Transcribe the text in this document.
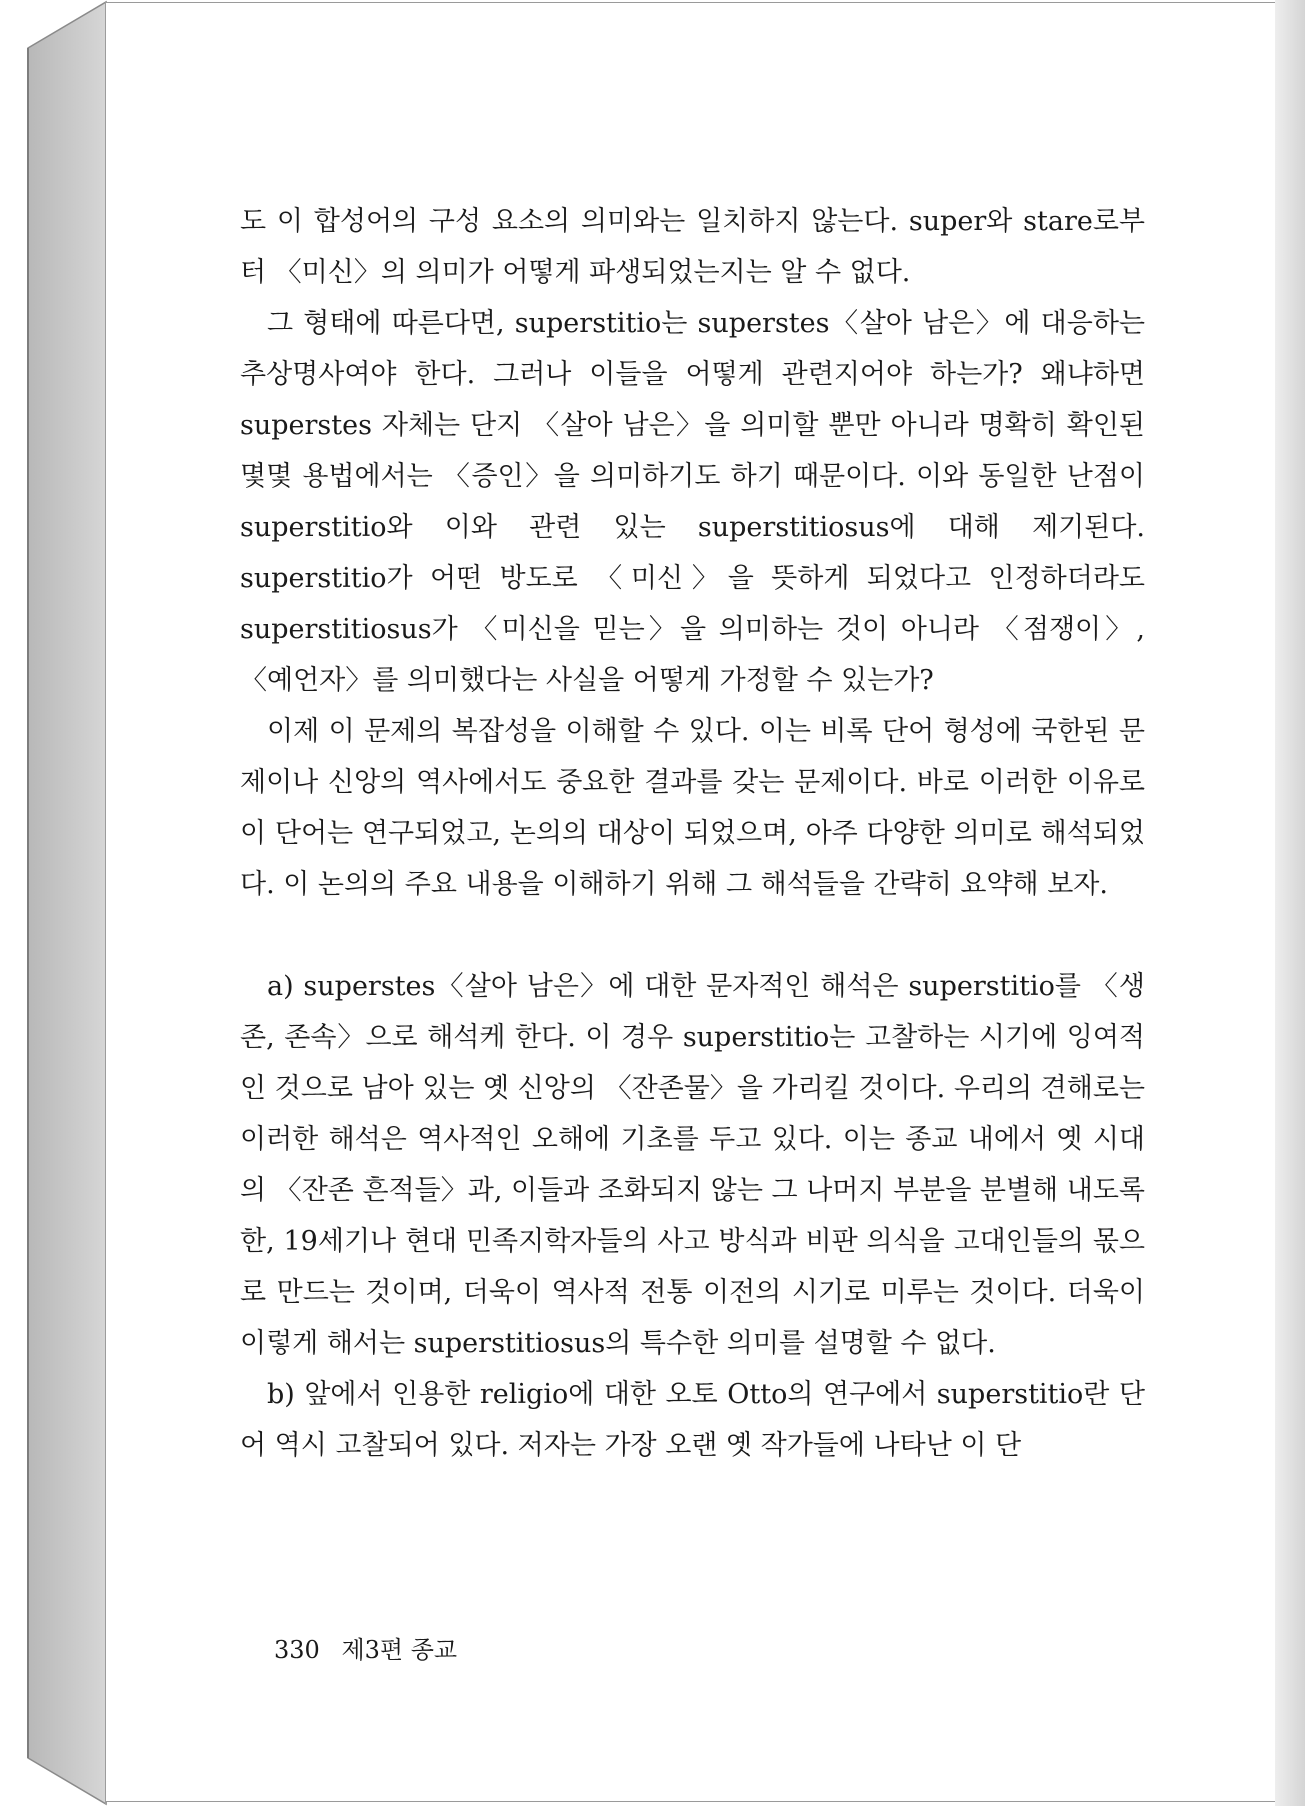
도 이 합성어의 구성 요소의 의미와는 일치하지 않는다. super와 stare로부터 〈미신〉의 의미가 어떻게 파생되었는지는 알 수 없다.

그 형태에 따른다면, superstitio는 superstes〈살아 남은〉에 대응하는 추상명사여야 한다. 그러나 이들을 어떻게 관련지어야 하는가? 왜냐하면 superstes 자체는 단지 〈살아 남은〉을 의미할 뿐만 아니라 명확히 확인된 몇몇 용법에서는 〈증인〉을 의미하기도 하기 때문이다. 이와 동일한 난점이 superstitio와 이와 관련 있는 superstitiosus에 대해 제기된다. superstitio가 어떤 방도로 〈미신〉을 뜻하게 되었다고 인정하더라도 superstitiosus가 〈미신을 믿는〉을 의미하는 것이 아니라 〈점쟁이〉, 〈예언자〉를 의미했다는 사실을 어떻게 가정할 수 있는가?

이제 이 문제의 복잡성을 이해할 수 있다. 이는 비록 단어 형성에 국한된 문제이나 신앙의 역사에서도 중요한 결과를 갖는 문제이다. 바로 이러한 이유로 이 단어는 연구되었고, 논의의 대상이 되었으며, 아주 다양한 의미로 해석되었다. 이 논의의 주요 내용을 이해하기 위해 그 해석들을 간략히 요약해 보자.

a) superstes〈살아 남은〉에 대한 문자적인 해석은 superstitio를 〈생존, 존속〉으로 해석케 한다. 이 경우 superstitio는 고찰하는 시기에 잉여적인 것으로 남아 있는 옛 신앙의 〈잔존물〉을 가리킬 것이다. 우리의 견해로는 이러한 해석은 역사적인 오해에 기초를 두고 있다. 이는 종교 내에서 옛 시대의 〈잔존 흔적들〉과, 이들과 조화되지 않는 그 나머지 부분을 분별해 내도록 한, 19세기나 현대 민족지학자들의 사고 방식과 비판 의식을 고대인들의 몫으로 만드는 것이며, 더욱이 역사적 전통 이전의 시기로 미루는 것이다. 더욱이 이렇게 해서는 superstitiosus의 특수한 의미를 설명할 수 없다.

b) 앞에서 인용한 religio에 대한 오토 Otto의 연구에서 superstitio란 단어 역시 고찰되어 있다. 저자는 가장 오랜 옛 작가들에 나타난 이 단

330 제3편 종교
